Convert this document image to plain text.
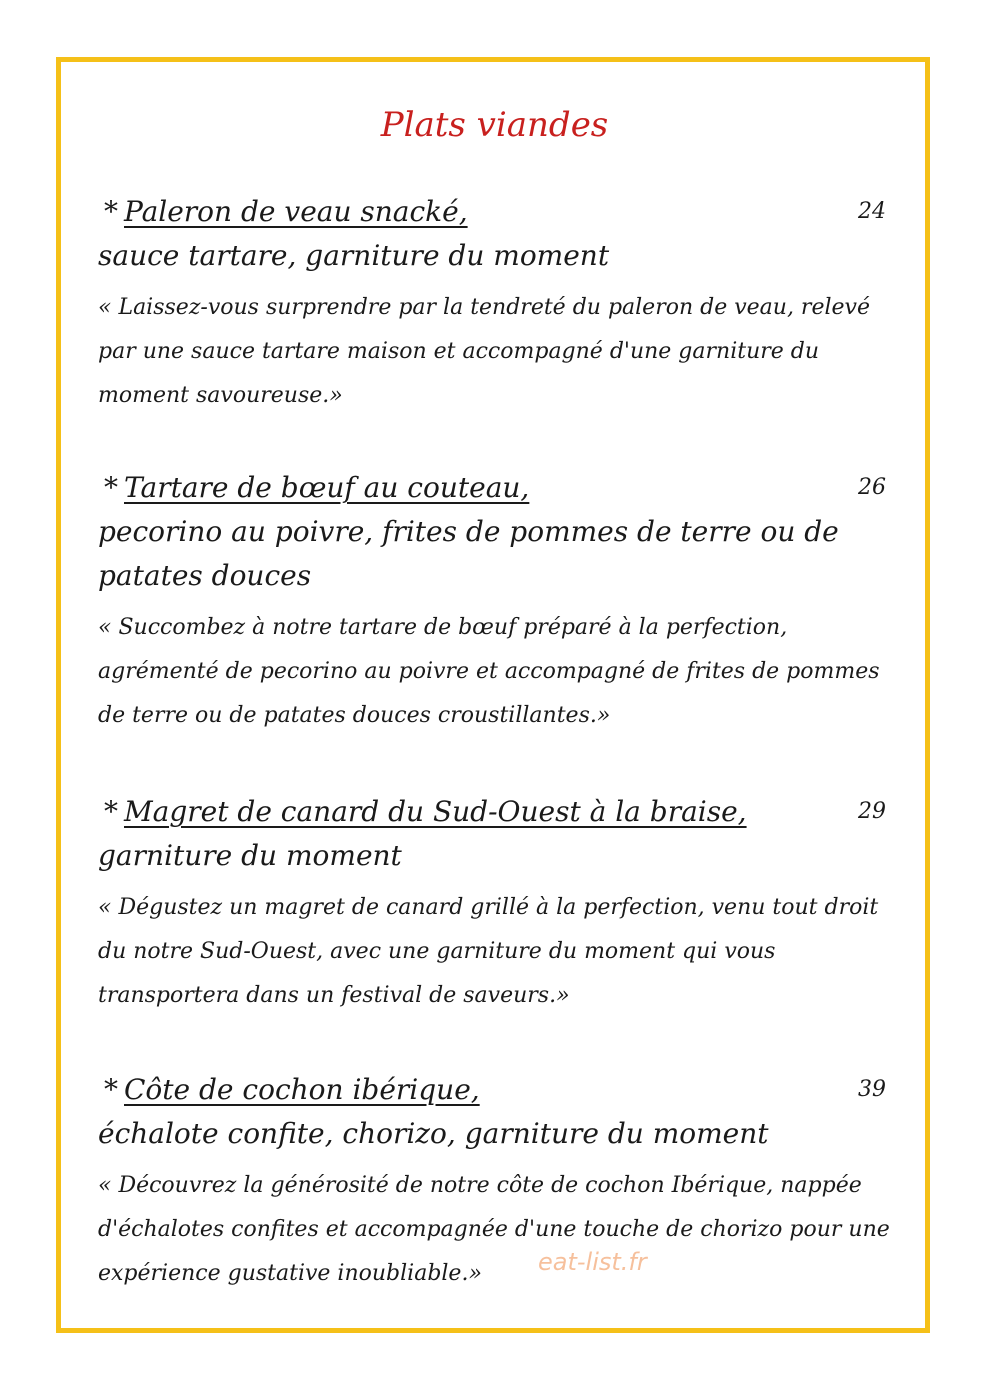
Plats viandes
* Paleron de veau snacké,	24
sauce tartare, garniture du moment
« Laissez-vous surprendre par la tendreté du paleron de veau, relevé par une sauce tartare maison et accompagné d'une garniture du moment savoureuse.»
* Tartare de bœuf au couteau,	26
pecorino au poivre, frites de pommes de terre ou de patates douces
« Succombez à notre tartare de bœuf préparé à la perfection, agrémenté de pecorino au poivre et accompagné de frites de pommes de terre ou de patates douces croustillantes.»
* Magret de canard du Sud-Ouest à la braise,	29
garniture du moment
« Dégustez un magret de canard grillé à la perfection, venu tout droit du notre Sud-Ouest, avec une garniture du moment qui vous transportera dans un festival de saveurs.»
* Côte de cochon ibérique,	39
échalote confite, chorizo, garniture du moment
« Découvrez la générosité de notre côte de cochon Ibérique, nappée d'échalotes confites et accompagnée d'une touche de chorizo pour une expérience gustative inoubliable.»	eat-list.fr
